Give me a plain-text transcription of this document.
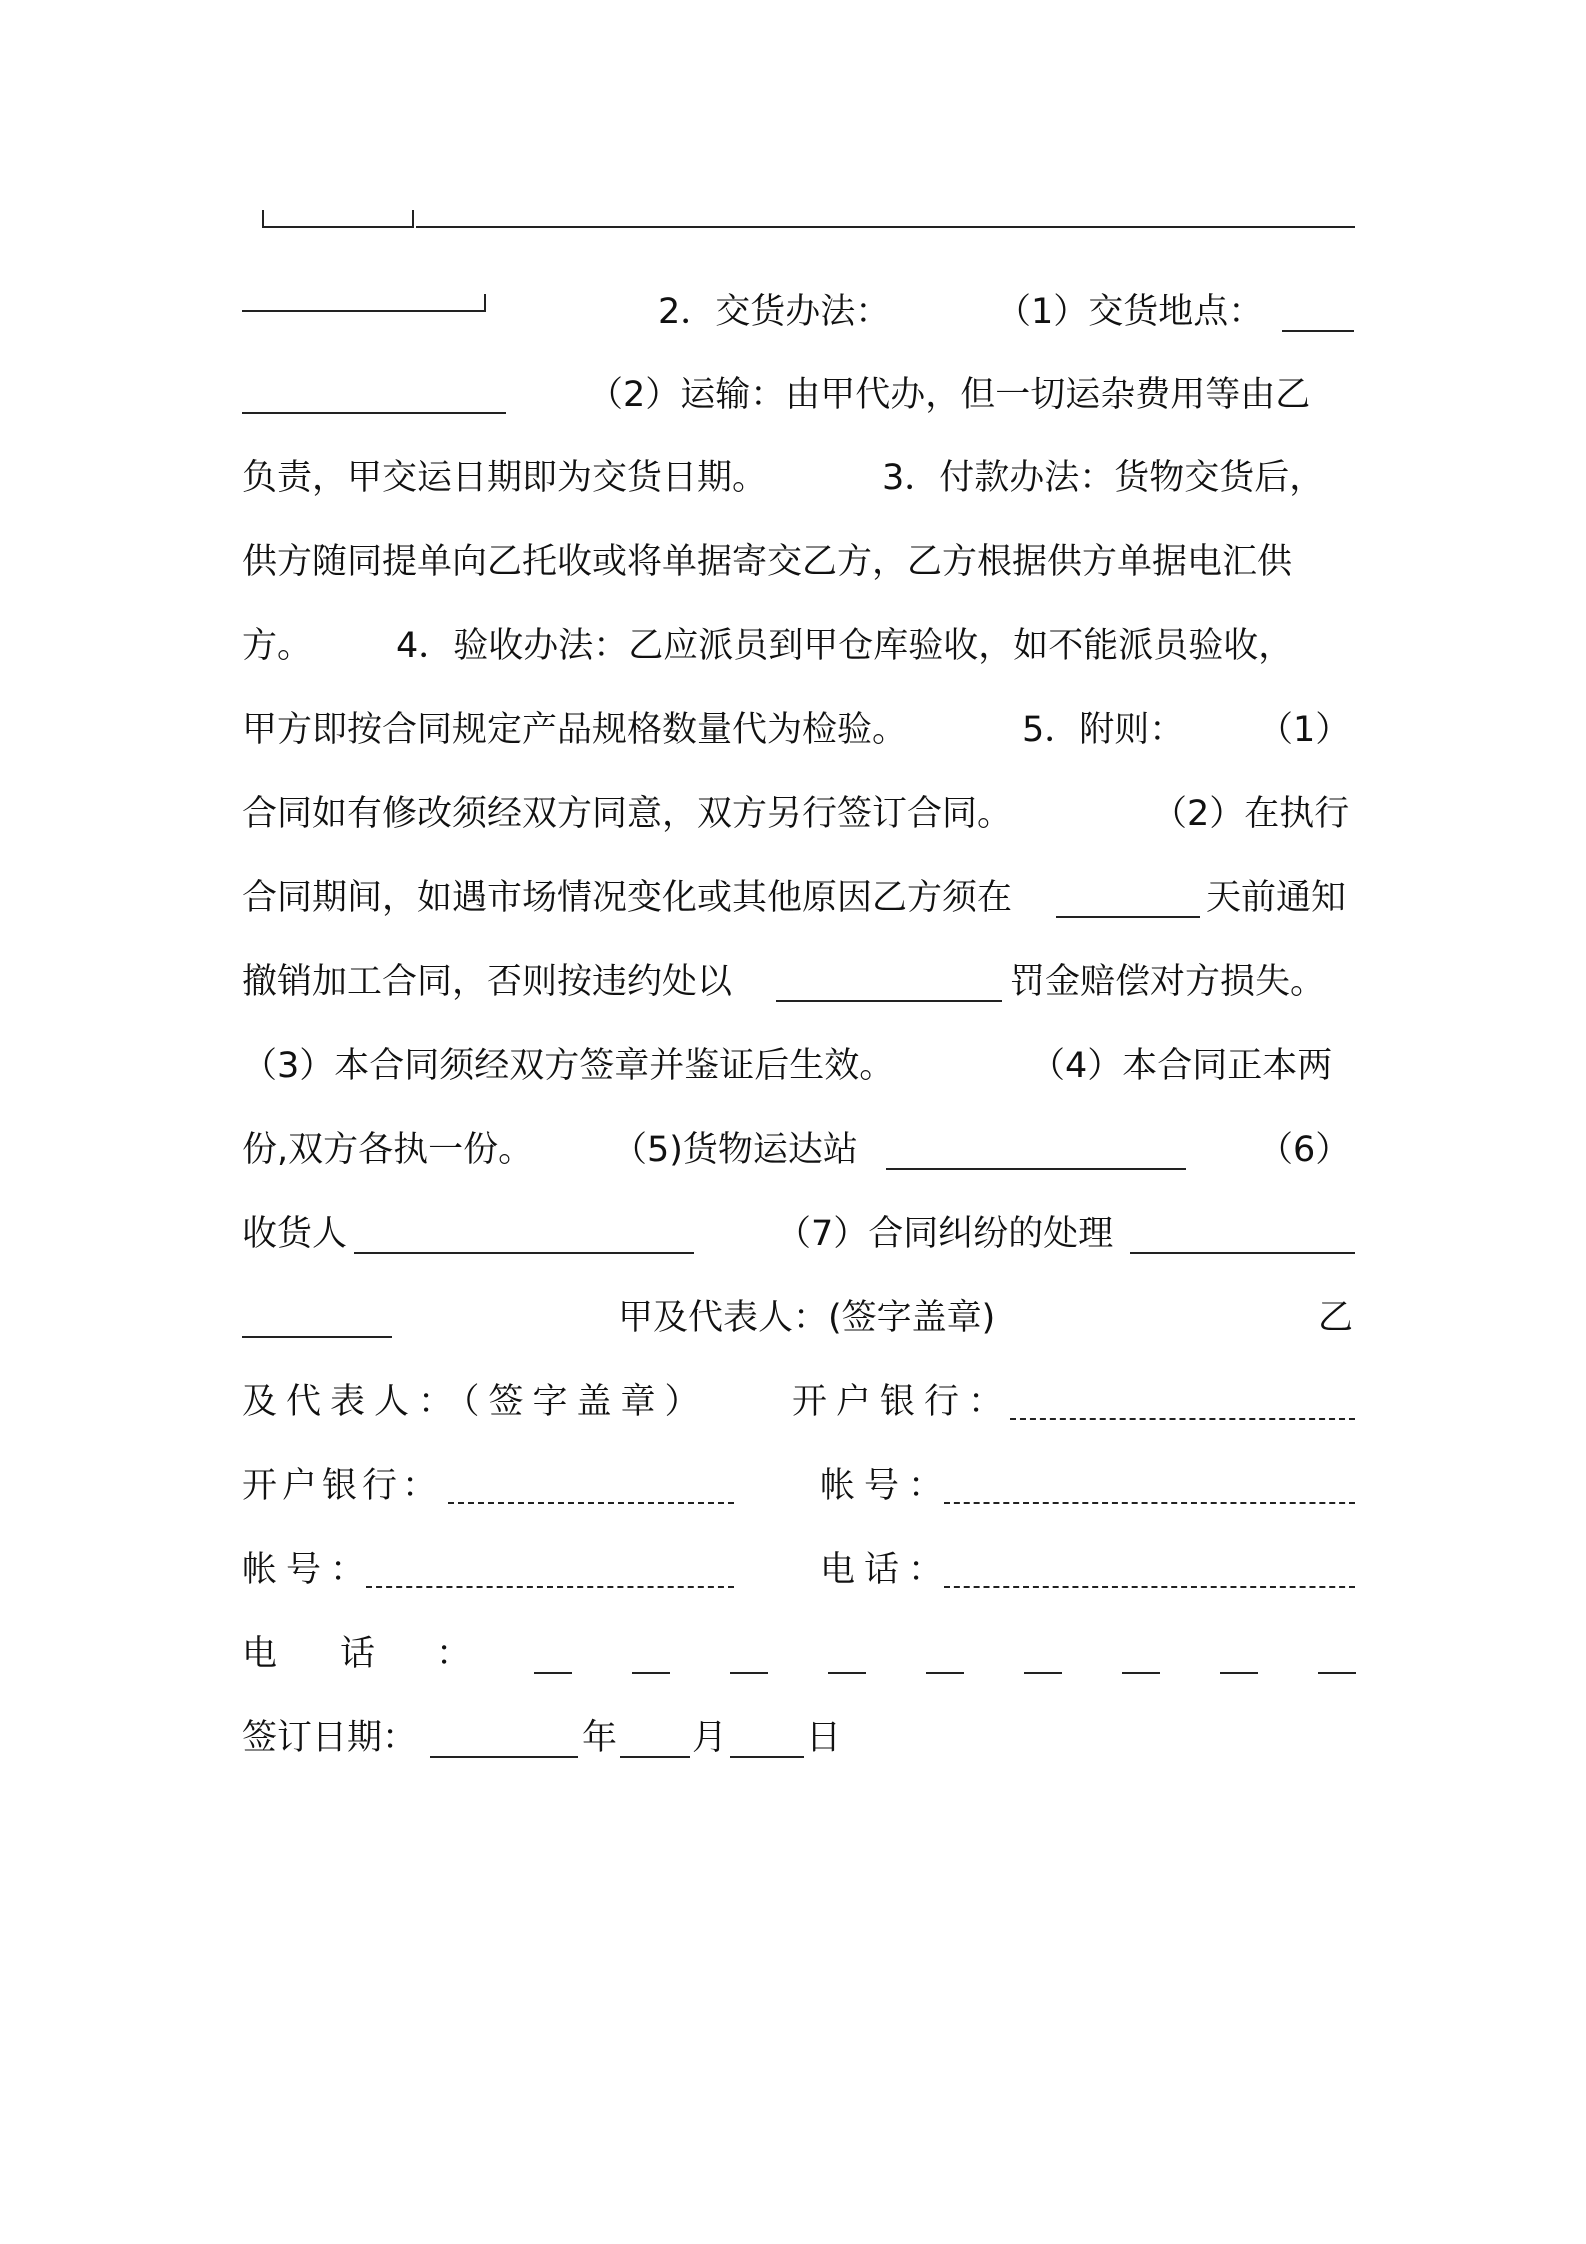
2．交货办法：	（1）交货地点：
（2）运输：由甲代办，但一切运杂费用等由乙
负责，甲交运日期即为交货日期。	3．付款办法：货物交货后，
供方随同提单向乙托收或将单据寄交乙方，乙方根据供方单据电汇供
方。 4．验收办法：乙应派员到甲仓库验收，如不能派员验收，
甲方即按合同规定产品规格数量代为检验。	5．附则： （1）
合同如有修改须经双方同意，双方另行签订合同。	（2）在执行
合同期间，如遇市场情况变化或其他原因乙方须在	天前通知
撤销加工合同，否则按违约处以	罚金赔偿对方损失。
（3）本合同须经双方签章并鉴证后生效。	（4）本合同正本两
份,双方各执一份。 （5)货物运达站	（6）
收货人	（7）合同纠纷的处理
甲及代表人：(签字盖章)	乙
及代表人：（签字盖章） 开户银行：
开户银行：	帐号：
帐号：	电话：
电 话 ：
签订日期：	年 月 日
